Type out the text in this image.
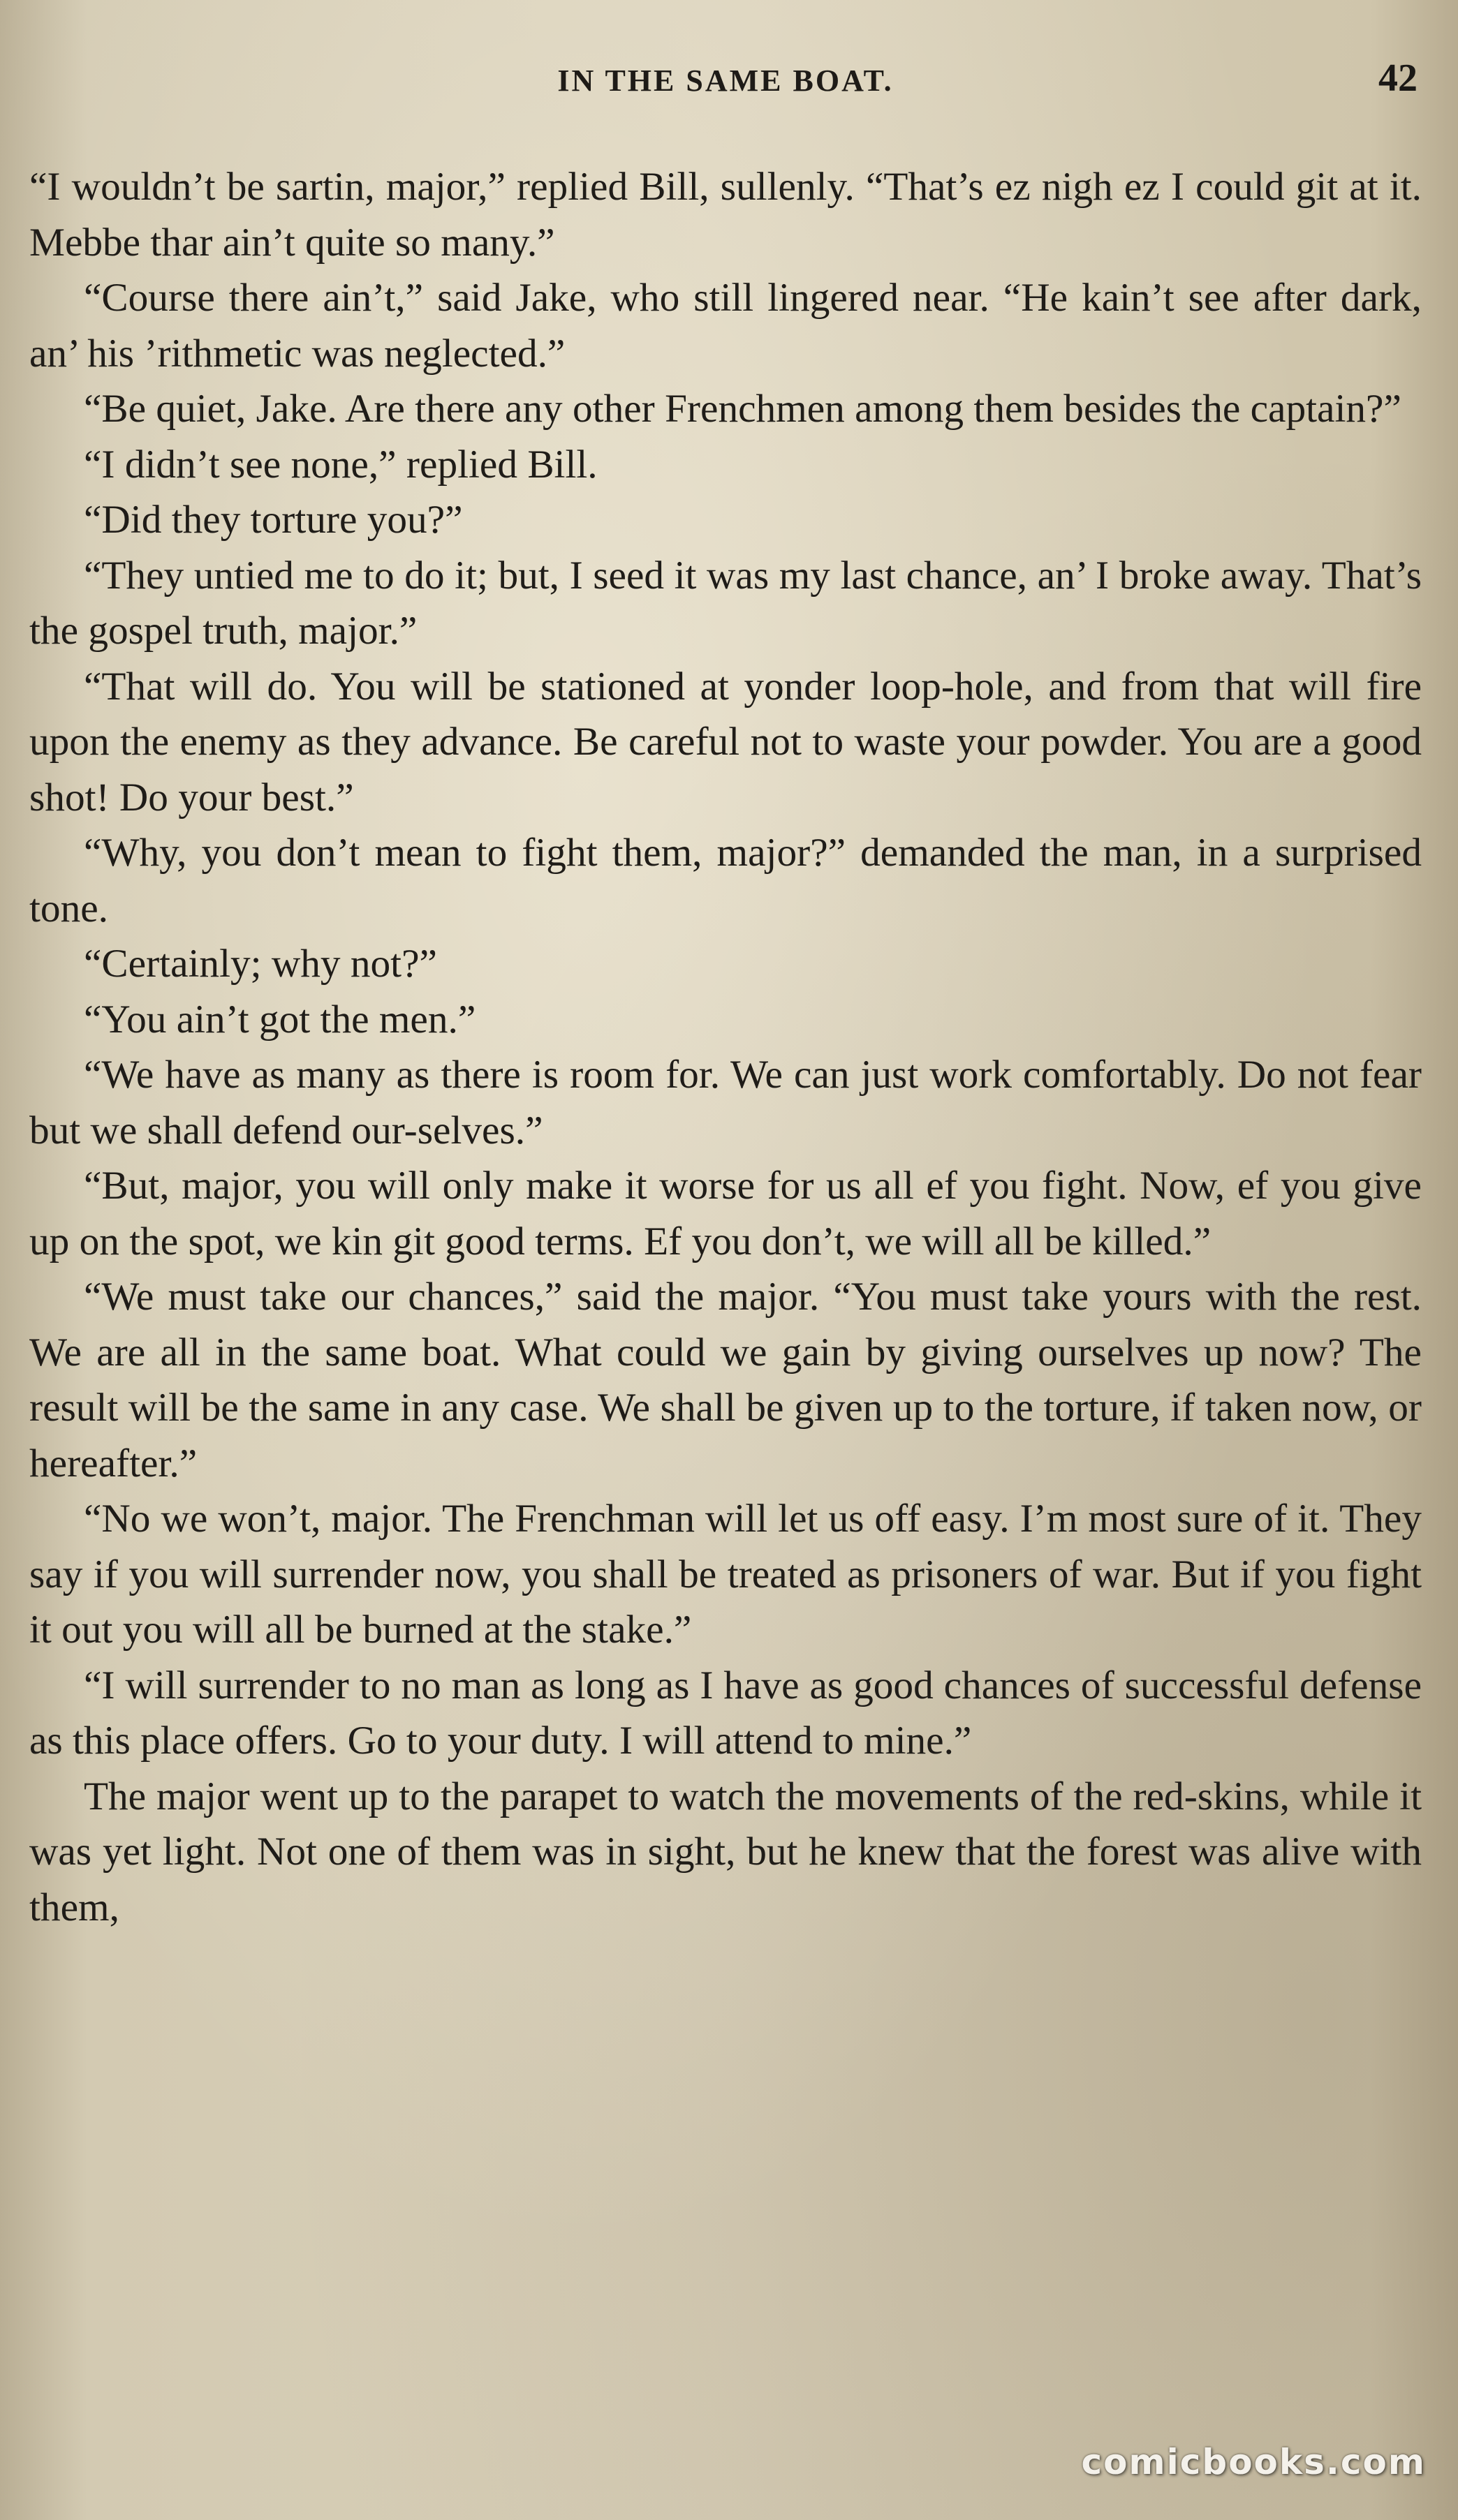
IN THE SAME BOAT.	42

“I wouldn’t be sartin, major,” replied Bill, sullenly. “That’s ez nigh ez I could git at it. Mebbe thar ain’t quite so many.”

“Course there ain’t,” said Jake, who still lingered near. “He kain’t see after dark, an’ his ’rithmetic was neglected.”

“Be quiet, Jake. Are there any other Frenchmen among them besides the captain?”

“I didn’t see none,” replied Bill.

“Did they torture you?”

“They untied me to do it; but, I seed it was my last chance, an’ I broke away. That’s the gospel truth, major.”

“That will do. You will be stationed at yonder loop-hole, and from that will fire upon the enemy as they advance. Be careful not to waste your powder. You are a good shot! Do your best.”

“Why, you don’t mean to fight them, major?” demanded the man, in a surprised tone.

“Certainly; why not?”

“You ain’t got the men.”

“We have as many as there is room for. We can just work comfortably. Do not fear but we shall defend our-selves.”

“But, major, you will only make it worse for us all ef you fight. Now, ef you give up on the spot, we kin git good terms. Ef you don’t, we will all be killed.”

“We must take our chances,” said the major. “You must take yours with the rest. We are all in the same boat. What could we gain by giving ourselves up now? The result will be the same in any case. We shall be given up to the torture, if taken now, or hereafter.”

“No we won’t, major. The Frenchman will let us off easy. I’m most sure of it. They say if you will surrender now, you shall be treated as prisoners of war. But if you fight it out you will all be burned at the stake.”

“I will surrender to no man as long as I have as good chances of successful defense as this place offers. Go to your duty. I will attend to mine.”

The major went up to the parapet to watch the movements of the red-skins, while it was yet light. Not one of them was in sight, but he knew that the forest was alive with them,

comicbooks.com
